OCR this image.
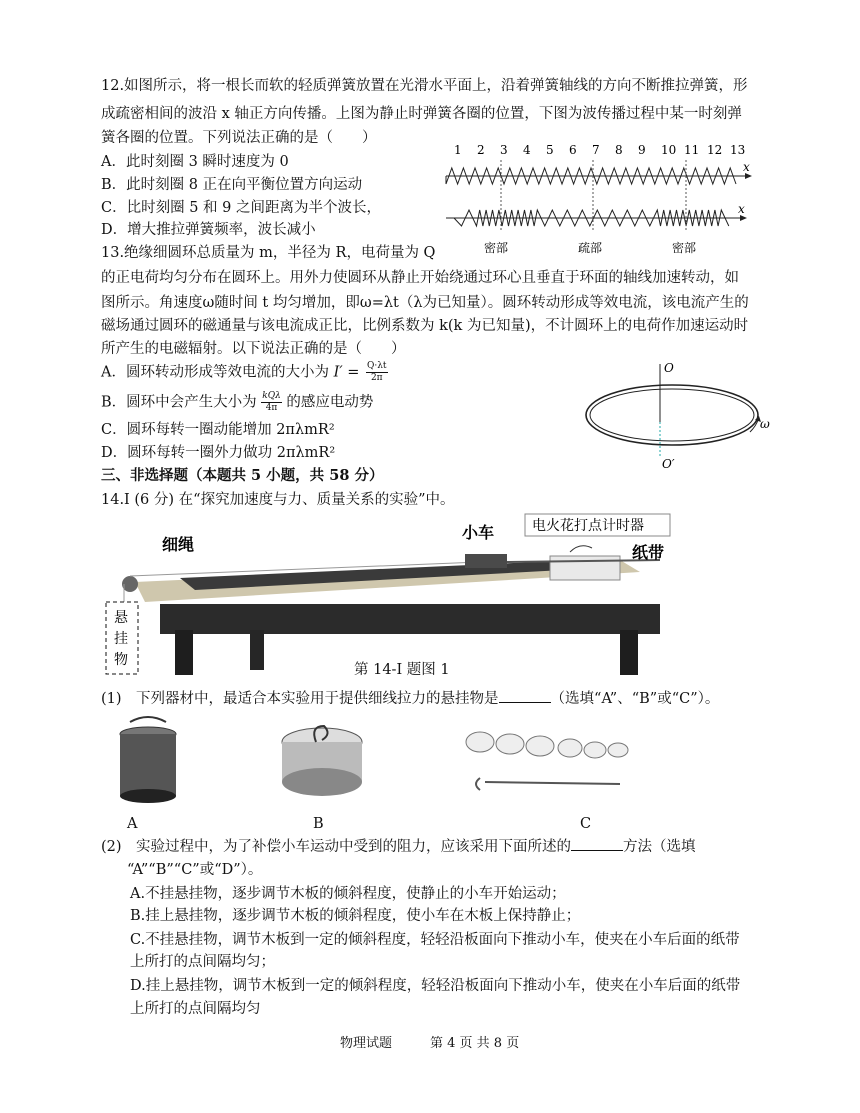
12.如图所示，将一根长而软的轻质弹簧放置在光滑水平面上，沿着弹簧轴线的方向不断推拉弹簧，形
成疏密相间的波沿 x 轴正方向传播。上图为静止时弹簧各圈的位置，下图为波传播过程中某一时刻弹
簧各圈的位置。下列说法正确的是（　　）
A．此时刻圈 3 瞬时速度为 0
B．此时刻圈 8 正在向平衡位置方向运动
C．比时刻圈 5 和 9 之间距离为半个波长，
D．增大推拉弹簧频率，波长减小
1 2 3 4 5 6 7 8 9 10 11 12 13
x
x
密部	疏部	密部
13.绝缘细圆环总质量为 m，半径为 R，电荷量为 Q
的正电荷均匀分布在圆环上。用外力使圆环从静止开始绕通过环心且垂直于环面的轴线加速转动，如
图所示。角速度ω随时间 t 均匀增加，即ω=λt（λ为已知量）。圆环转动形成等效电流，该电流产生的
磁场通过圆环的磁通量与该电流成正比，比例系数为 k(k 为已知量)，不计圆环上的电荷作加速运动时
所产生的电磁辐射。以下说法正确的是（　　）
A．圆环转动形成等效电流的大小为 $I' = \frac{Q\cdot\lambda t}{2\pi}$
B．圆环中会产生大小为 kQλ
4π 的感应电动势
C．圆环每转一圈动能增加 2πλmR²
D．圆环每转一圈外力做功 2πλmR²
O
O′
ω
三、非选择题（本题共 5 小题，共 58 分）
14.I (6 分) 在“探究加速度与力、质量关系的实验”中。
细绳
小车	电火花打点计时器
纸带
悬
挂
物
第 14-I 题图 1
(1)　下列器材中，最适合本实验用于提供细线拉力的悬挂物是	（选填“A”、“B”或“C”）。
A	B	C
(2)　实验过程中，为了补偿小车运动中受到的阻力，应该采用下面所述的	方法（选填
“A”“B”“C”或“D”）。
A.不挂悬挂物，逐步调节木板的倾斜程度，使静止的小车开始运动；
B.挂上悬挂物，逐步调节木板的倾斜程度，使小车在木板上保持静止；
C.不挂悬挂物，调节木板到一定的倾斜程度，轻轻沿板面向下推动小车，使夹在小车后面的纸带
上所打的点间隔均匀；
D.挂上悬挂物，调节木板到一定的倾斜程度，轻轻沿板面向下推动小车，使夹在小车后面的纸带
上所打的点间隔均匀
物理试题	第 4 页 共 8 页
